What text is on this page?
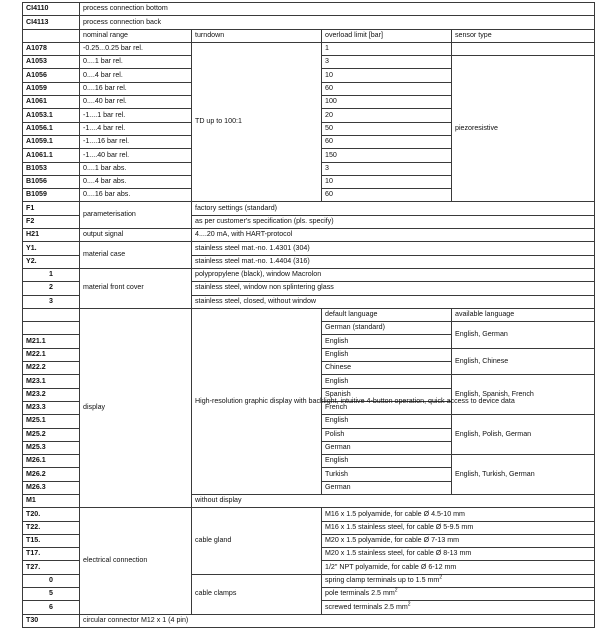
CI4110	process connection bottom			
CI4113	process connection back			
	nominal range	turndown	overload limit [bar]	sensor type
A1078	-0.25...0.25 bar rel.	TD up to 100:1	1	
A1053	0....1 bar rel.		3	piezoresistive
A1056	0....4 bar rel.		10	
A1059	0....16 bar rel.		60	
A1061	0....40 bar rel.		100	
A1053.1	-1....1 bar rel.		20	
A1056.1	-1....4 bar rel.		50	
A1059.1	-1....16 bar rel.		60	
A1061.1	-1....40 bar rel.		150	
B1053	0....1 bar abs.		3	
B1056	0....4 bar abs.		10	
B1059	0....16 bar abs.		60	
F1	parameterisation	factory settings (standard)		
F2		as per customer's specification (pls. specify)		
H21	output signal	4....20 mA, with HART-protocol		
Y1.	material case	stainless steel mat.-no. 1.4301 (304)		
Y2.		stainless steel mat.-no. 1.4404 (316)		
1	material front cover	polypropylene (black), window Macrolon		
2		stainless steel, window non splintering glass		
3		stainless steel, closed, without window		
	display	High-resolution graphic display with backlight, intuitive 4-button operation, quick access to device data	default language	available language
			German (standard)	English, German
M21.1			English	
M22.1			English	English, Chinese
M22.2			Chinese	
M23.1			English	English, Spanish, French
M23.2			Spanish	
M23.3			French	
M25.1			English	English, Polish, German
M25.2			Polish	
M25.3			German	
M26.1			English	English, Turkish, German
M26.2			Turkish	
M26.3			German	
M1		without display		
T20.	electrical connection	cable gland	M16 x 1.5 polyamide, for cable Ø 4.5-10 mm	
T22.			M16 x 1.5 stainless steel, for cable Ø 5-9.5 mm	
T15.			M20 x 1.5 polyamide, for cable Ø 7-13 mm	
T17.			M20 x 1.5 stainless steel, for cable Ø 8-13 mm	
T27.			1/2" NPT polyamide, for cable Ø 6-12 mm	
0		cable clamps	spring clamp terminals up to 1.5 $mm^2$
5			pole terminals 2.5 $mm^2$
6			screwed terminals 2.5 $mm^2$
T30	circular connector M12 x 1 (4 pin)			
